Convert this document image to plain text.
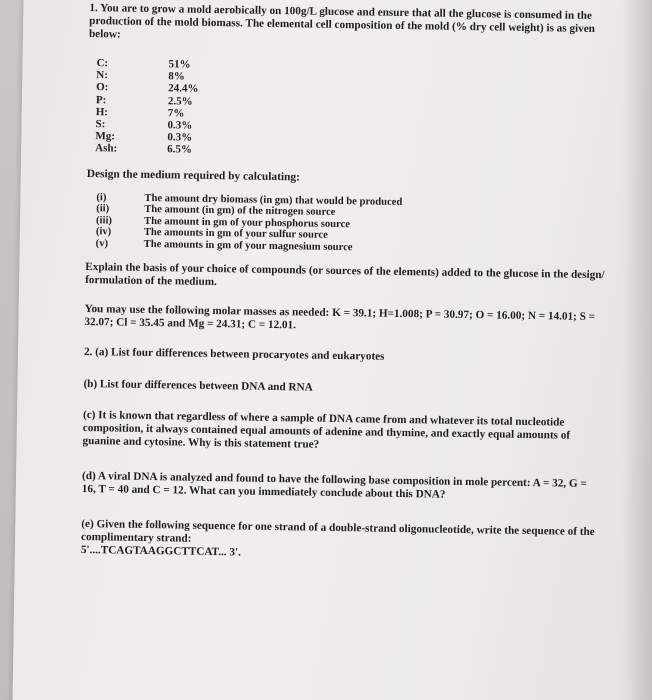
1. You are to grow a mold aerobically on 100g/L glucose and ensure that all the glucose is consumed in the production of the mold biomass. The elemental cell composition of the mold (% dry cell weight) is as given below:

C:	51%
N:	8%
O:	24.4%
P:	2.5%
H:	7%
S:	0.3%
Mg:	0.3%
Ash:	6.5%

Design the medium required by calculating:

(i)	The amount dry biomass (in gm) that would be produced
(ii)	The amount (in gm) of the nitrogen source
(iii)	The amount in gm of your phosphorus source
(iv)	The amounts in gm of your sulfur source
(v)	The amounts in gm of your magnesium source

Explain the basis of your choice of compounds (or sources of the elements) added to the glucose in the design/ formulation of the medium.

You may use the following molar masses as needed: K = 39.1; H=1.008; P = 30.97; O = 16.00; N = 14.01; S = 32.07; Cl = 35.45 and Mg = 24.31; C = 12.01.

2. (a) List four differences between procaryotes and eukaryotes

(b) List four differences between DNA and RNA

(c) It is known that regardless of where a sample of DNA came from and whatever its total nucleotide composition, it always contained equal amounts of adenine and thymine, and exactly equal amounts of guanine and cytosine. Why is this statement true?

(d) A viral DNA is analyzed and found to have the following base composition in mole percent: A = 32, G = 16, T = 40 and C = 12. What can you immediately conclude about this DNA?

(e) Given the following sequence for one strand of a double-strand oligonucleotide, write the sequence of the complimentary strand:

5'....TCAGTAAGGCTTCAT... 3'.
